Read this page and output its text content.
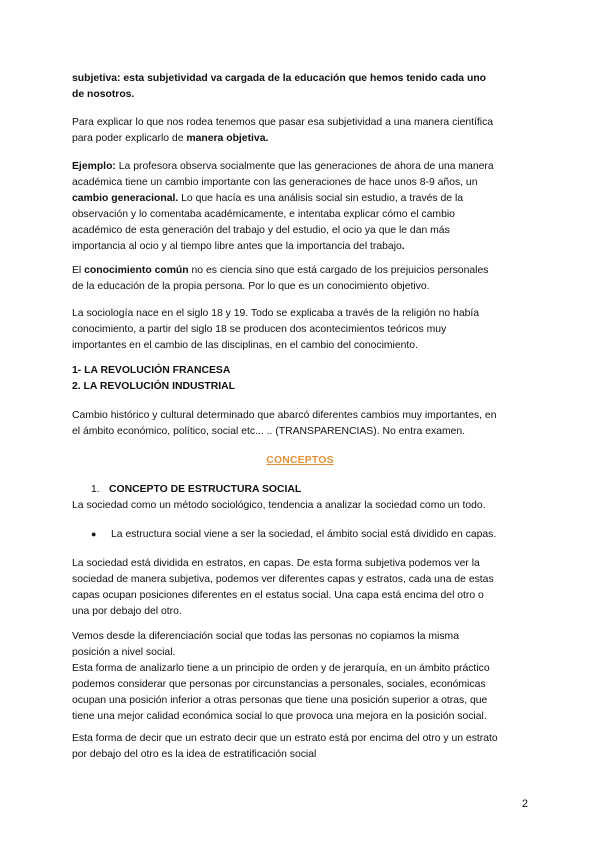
subjetiva: esta subjetividad va cargada de la educación que hemos tenido cada uno
de nosotros.
Para explicar lo que nos rodea tenemos que pasar esa subjetividad a una manera científica
para poder explicarlo de manera objetiva.
Ejemplo: La profesora observa socialmente que las generaciones de ahora de una manera
académica tiene un cambio importante con las generaciones de hace unos 8-9 años, un
cambio generacional. Lo que hacía es una análisis social sin estudio, a través de la
observación y lo comentaba académicamente, e intentaba explicar cómo el cambio
académico de esta generación del trabajo y del estudio, el ocio ya que le dan más
importancia al ocio y al tiempo libre antes que la importancia del trabajo.
El conocimiento común no es ciencia sino que está cargado de los prejuicios personales
de la educación de la propia persona. Por lo que es un conocimiento objetivo.
La sociología nace en el siglo 18 y 19. Todo se explicaba a través de la religión no había
conocimiento, a partir del siglo 18 se producen dos acontecimientos teóricos muy
importantes en el cambio de las disciplinas, en el cambio del conocimiento.
1- LA REVOLUCIÓN FRANCESA
2. LA REVOLUCIÓN INDUSTRIAL
Cambio histórico y cultural determinado que abarcó diferentes cambios muy importantes, en
el ámbito económico, político, social etc... .. (TRANSPARENCIAS). No entra examen.
CONCEPTOS
1. CONCEPTO DE ESTRUCTURA SOCIAL
La sociedad como un método sociológico, tendencia a analizar la sociedad como un todo.
● La estructura social viene a ser la sociedad, el ámbito social está dividido en capas.
La sociedad está dividida en estratos, en capas. De esta forma subjetiva podemos ver la
sociedad de manera subjetiva, podemos ver diferentes capas y estratos, cada una de estas
capas ocupan posiciones diferentes en el estatus social. Una capa está encima del otro o
una por debajo del otro.
Vemos desde la diferenciación social que todas las personas no copiamos la misma
posición a nivel social.
Esta forma de analizarlo tiene a un principio de orden y de jerarquía, en un ámbito práctico
podemos considerar que personas por circunstancias a personales, sociales, económicas
ocupan una posición inferior a otras personas que tiene una posición superior a otras, que
tiene una mejor calidad económica social lo que provoca una mejora en la posición social.
Esta forma de decir que un estrato decir que un estrato está por encima del otro y un estrato
por debajo del otro es la idea de estratificación social
2
